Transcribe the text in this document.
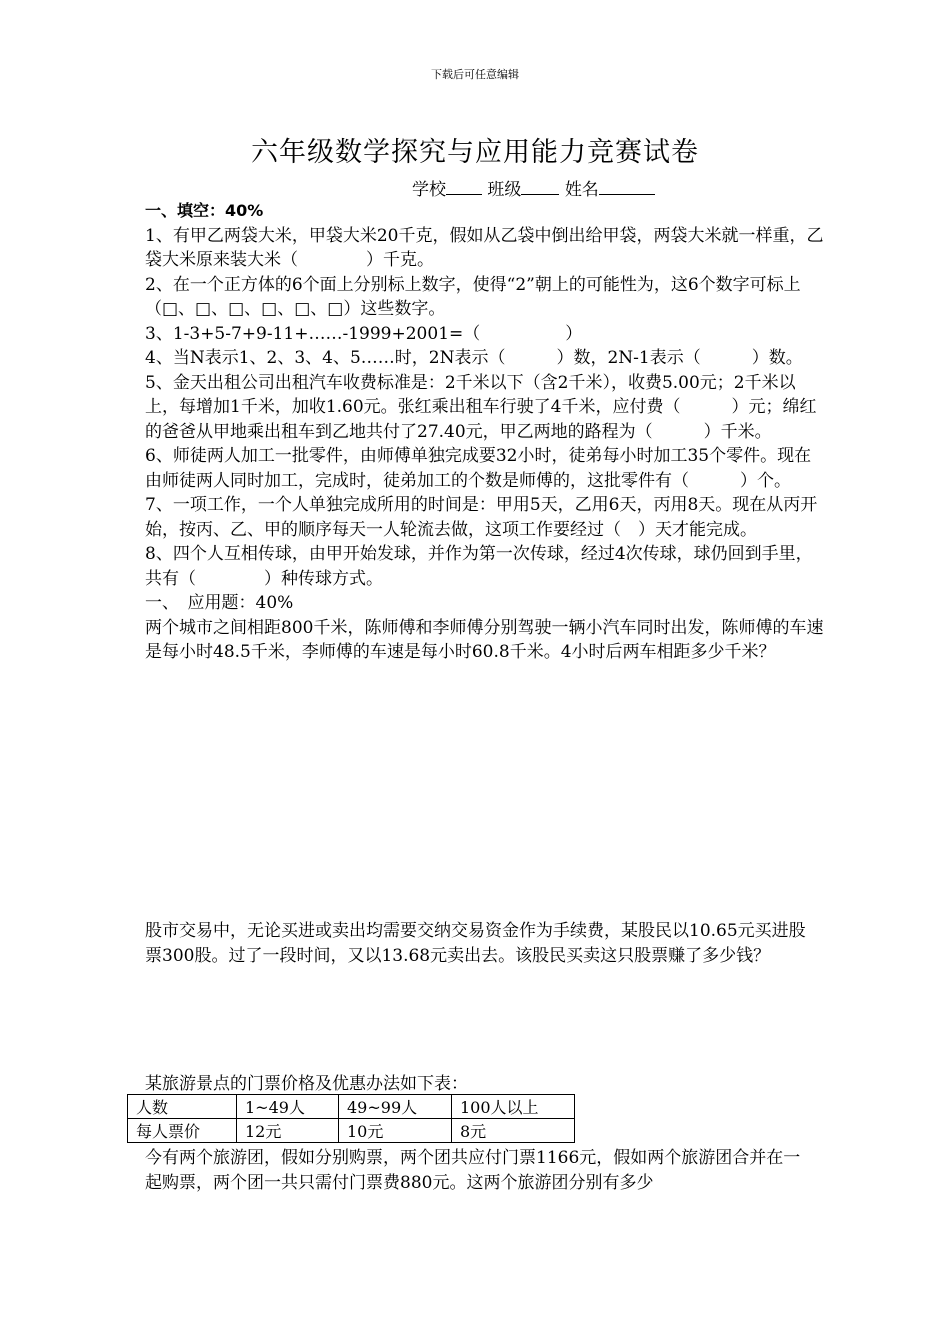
下载后可任意编辑
六年级数学探究与应用能力竞赛试卷
学校 班级	姓名

一、填空：40%

1、有甲乙两袋大米，甲袋大米20千克，假如从乙袋中倒出给甲袋，两袋大米就一样重，乙袋大米原来装大米（　　　　）千克。

2、在一个正方体的6个面上分别标上数字，使得“2”朝上的可能性为，这6个数字可标上（□、□、□、□、□、□）这些数字。

3、1-3+5-7+9-11+……-1999+2001=（　　　　　）

4、当N表示1、2、3、4、5……时，2N表示（　　　）数，2N-1表示（　　　）数。

5、金天出租公司出租汽车收费标准是：2千米以下（含2千米），收费5.00元；2千米以上，每增加1千米，加收1.60元。张红乘出租车行驶了4千米，应付费（　　　）元；绵红的爸爸从甲地乘出租车到乙地共付了27.40元，甲乙两地的路程为（　　　）千米。

6、师徒两人加工一批零件，由师傅单独完成要32小时，徒弟每小时加工35个零件。现在由师徒两人同时加工，完成时，徒弟加工的个数是师傅的，这批零件有（　　　）个。

7、一项工作，一个人单独完成所用的时间是：甲用5天，乙用6天，丙用8天。现在从丙开始，按丙、乙、甲的顺序每天一人轮流去做，这项工作要经过（　）天才能完成。

8、四个人互相传球，由甲开始发球，并作为第一次传球，经过4次传球，球仍回到手里，共有（　　　　）种传球方式。

一、　应用题：40%

两个城市之间相距800千米，陈师傅和李师傅分别驾驶一辆小汽车同时出发，陈师傅的车速是每小时48.5千米，李师傅的车速是每小时60.8千米。4小时后两车相距多少千米？

股市交易中，无论买进或卖出均需要交纳交易资金作为手续费，某股民以10.65元买进股票300股。过了一段时间，又以13.68元卖出去。该股民买卖这只股票赚了多少钱？

某旅游景点的门票价格及优惠办法如下表：
人数	1~49人	49~99人	100人以上
每人票价	12元	10元	8元

今有两个旅游团，假如分别购票，两个团共应付门票1166元，假如两个旅游团合并在一起购票，两个团一共只需付门票费880元。这两个旅游团分别有多少
